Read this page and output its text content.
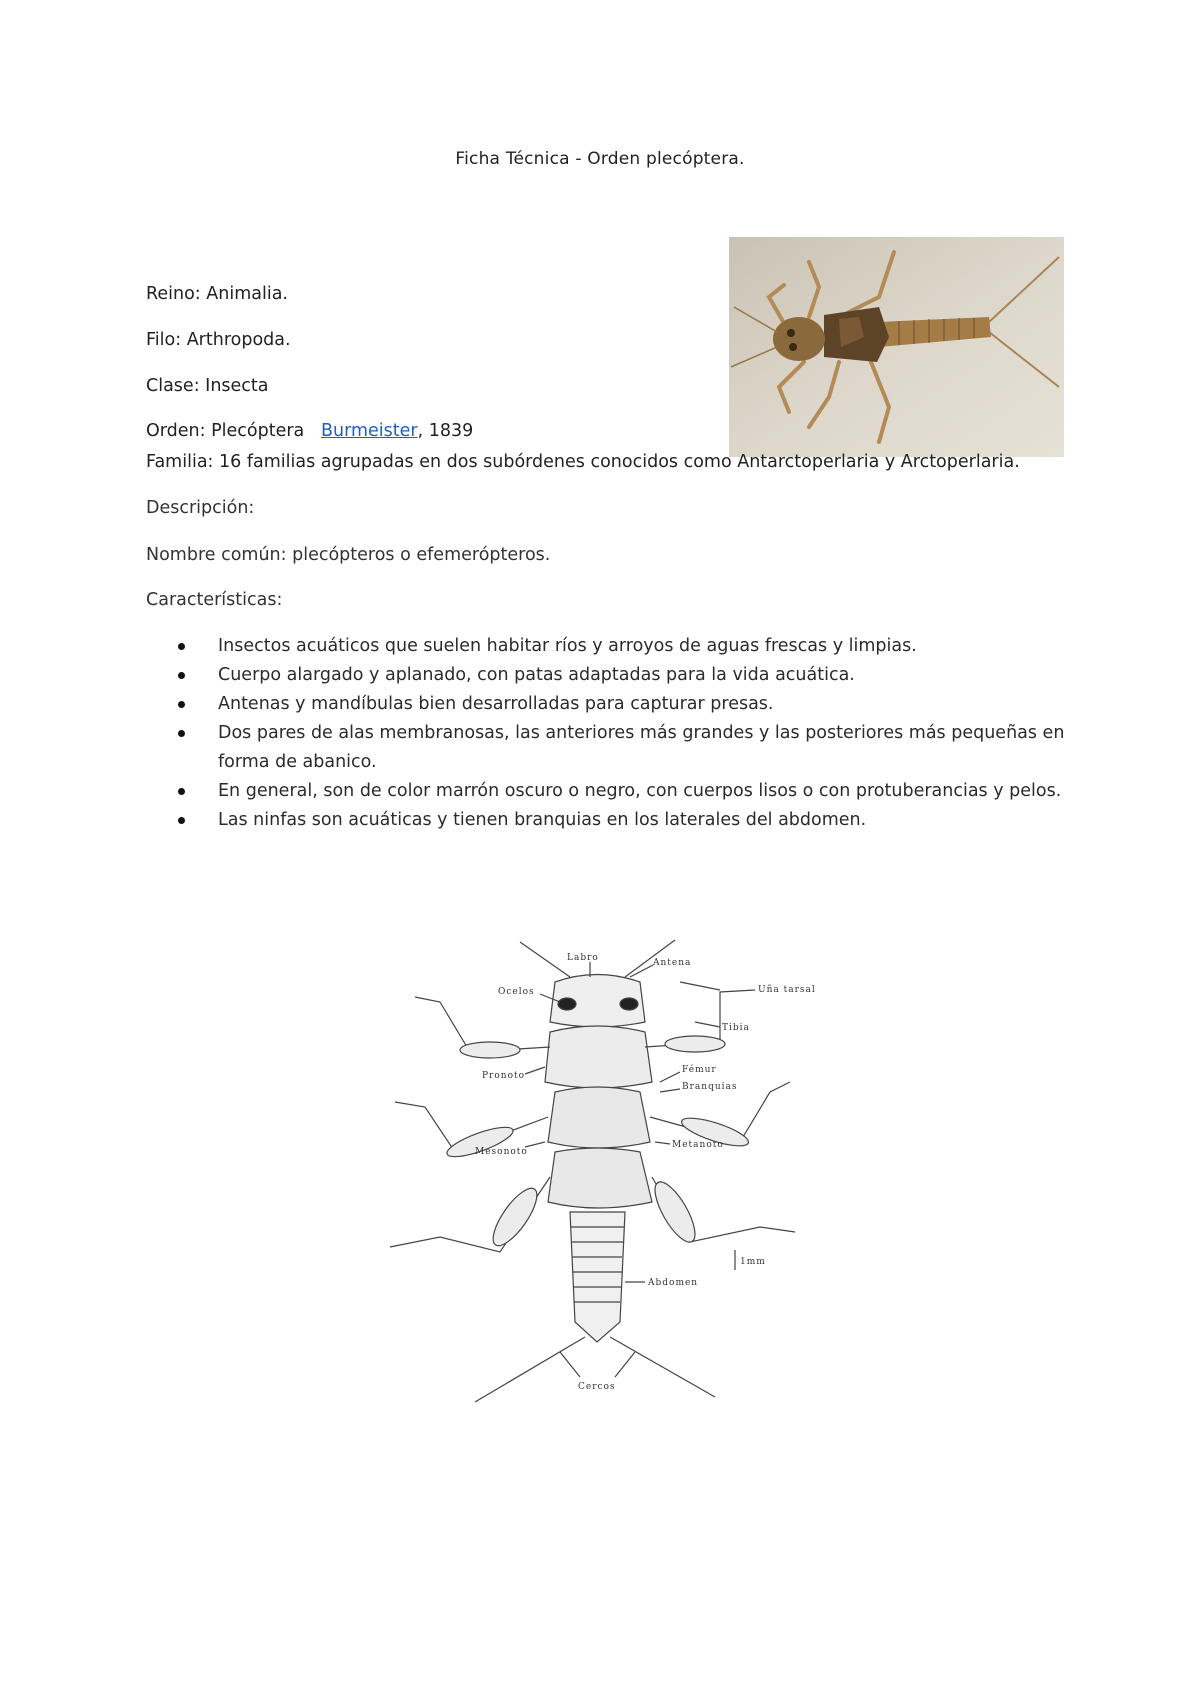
Ficha Técnica - Orden plecóptera.
Reino: Animalia.
Filo: Arthropoda.
Clase: Insecta
Orden: Plecóptera Burmeister, 1839
Familia: 16 familias agrupadas en dos subórdenes conocidos como Antarctoperlaria y Arctoperlaria.
Descripción:
Nombre común: plecópteros o efemerópteros.
Características:
Insectos acuáticos que suelen habitar ríos y arroyos de aguas frescas y limpias.
Cuerpo alargado y aplanado, con patas adaptadas para la vida acuática.
Antenas y mandíbulas bien desarrolladas para capturar presas.
Dos pares de alas membranosas, las anteriores más grandes y las posteriores más pequeñas en forma de abanico.
En general, son de color marrón oscuro o negro, con cuerpos lisos o con protuberancias y pelos.
Las ninfas son acuáticas y tienen branquias en los laterales del abdomen.
Labro	Antena
Uña tarsal
Ocelos
Tibia
Fémur
Branquias
Pronoto
Mesonoto
Metanoto
Abdomen
1mm
Cercos
